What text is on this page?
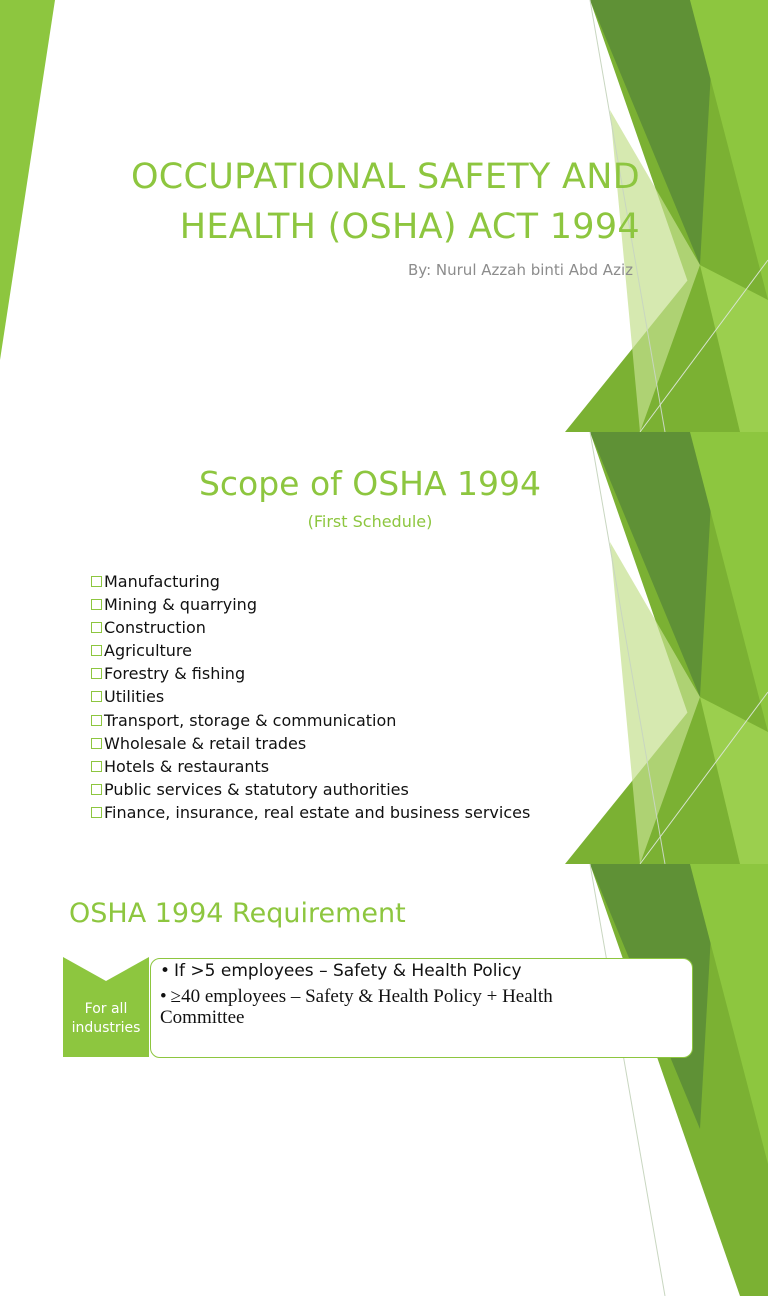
OCCUPATIONAL SAFETY AND
HEALTH (OSHA) ACT 1994
By: Nurul Azzah binti Abd Aziz
Scope of OSHA 1994
(First Schedule)
Manufacturing
Mining & quarrying
Construction
Agriculture
Forestry & fishing
Utilities
Transport, storage & communication
Wholesale & retail trades
Hotels & restaurants
Public services & statutory authorities
Finance, insurance, real estate and business services
OSHA 1994 Requirement
For all industries
• If >5 employees – Safety & Health Policy
• ≥40 employees – Safety & Health Policy + Health Committee
